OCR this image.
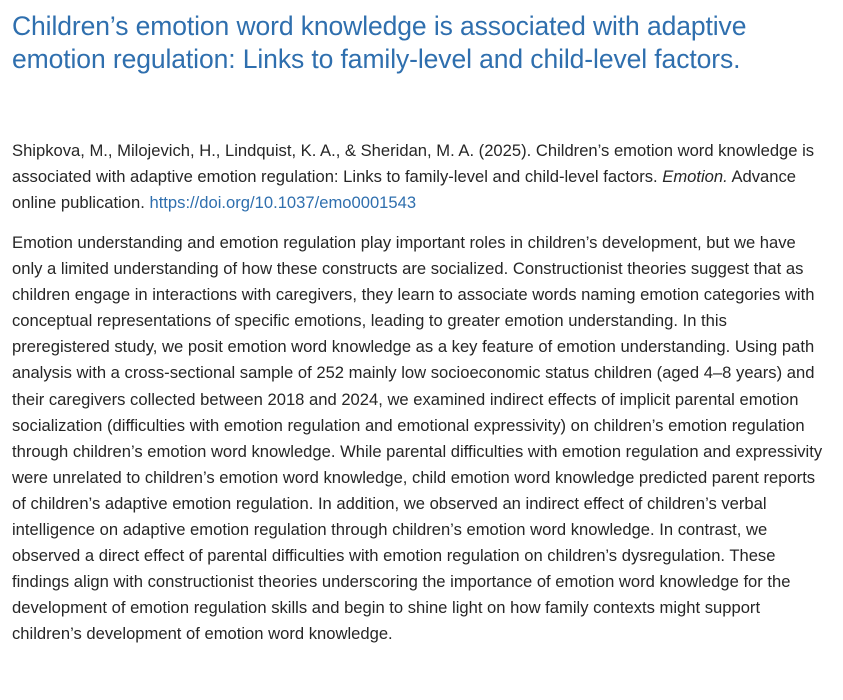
Children’s emotion word knowledge is associated with adaptive emotion regulation: Links to family-level and child-level factors.

Shipkova, M., Milojevich, H., Lindquist, K. A., & Sheridan, M. A. (2025). Children’s emotion word knowledge is associated with adaptive emotion regulation: Links to family-level and child-level factors. Emotion. Advance online publication. https://doi.org/10.1037/emo0001543

Emotion understanding and emotion regulation play important roles in children’s development, but we have only a limited understanding of how these constructs are socialized. Constructionist theories suggest that as children engage in interactions with caregivers, they learn to associate words naming emotion categories with conceptual representations of specific emotions, leading to greater emotion understanding. In this preregistered study, we posit emotion word knowledge as a key feature of emotion understanding. Using path analysis with a cross-sectional sample of 252 mainly low socioeconomic status children (aged 4–8 years) and their caregivers collected between 2018 and 2024, we examined indirect effects of implicit parental emotion socialization (difficulties with emotion regulation and emotional expressivity) on children’s emotion regulation through children’s emotion word knowledge. While parental difficulties with emotion regulation and expressivity were unrelated to children’s emotion word knowledge, child emotion word knowledge predicted parent reports of children’s adaptive emotion regulation. In addition, we observed an indirect effect of children’s verbal intelligence on adaptive emotion regulation through children’s emotion word knowledge. In contrast, we observed a direct effect of parental difficulties with emotion regulation on children’s dysregulation. These findings align with constructionist theories underscoring the importance of emotion word knowledge for the development of emotion regulation skills and begin to shine light on how family contexts might support children’s development of emotion word knowledge.
